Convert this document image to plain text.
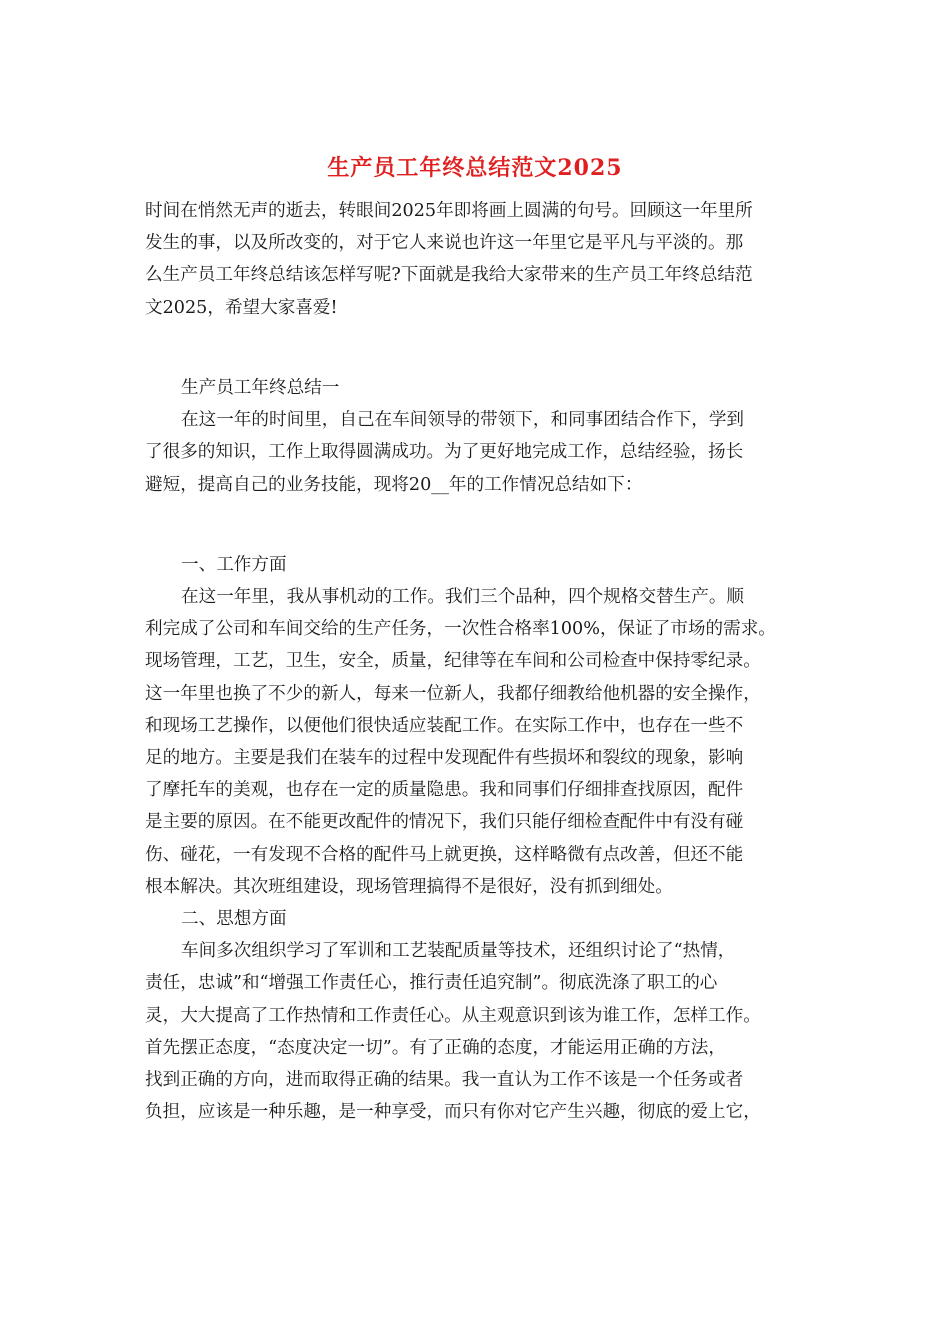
生产员工年终总结范文2025
时间在悄然无声的逝去，转眼间2025年即将画上圆满的句号。回顾这一年里所
发生的事，以及所改变的，对于它人来说也许这一年里它是平凡与平淡的。那
么生产员工年终总结该怎样写呢?下面就是我给大家带来的生产员工年终总结范
文2025，希望大家喜爱!
生产员工年终总结一
在这一年的时间里，自己在车间领导的带领下，和同事团结合作下，学到
了很多的知识，工作上取得圆满成功。为了更好地完成工作，总结经验，扬长
避短，提高自己的业务技能，现将20__年的工作情况总结如下：
一、工作方面
在这一年里，我从事机动的工作。我们三个品种，四个规格交替生产。顺
利完成了公司和车间交给的生产任务，一次性合格率100%，保证了市场的需求。
现场管理，工艺，卫生，安全，质量，纪律等在车间和公司检查中保持零纪录。
这一年里也换了不少的新人，每来一位新人，我都仔细教给他机器的安全操作，
和现场工艺操作，以便他们很快适应装配工作。在实际工作中，也存在一些不
足的地方。主要是我们在装车的过程中发现配件有些损坏和裂纹的现象，影响
了摩托车的美观，也存在一定的质量隐患。我和同事们仔细排查找原因，配件
是主要的原因。在不能更改配件的情况下，我们只能仔细检查配件中有没有碰
伤、碰花，一有发现不合格的配件马上就更换，这样略微有点改善，但还不能
根本解决。其次班组建设，现场管理搞得不是很好，没有抓到细处。
二、思想方面
车间多次组织学习了军训和工艺装配质量等技术，还组织讨论了“热情，
责任，忠诚”和“增强工作责任心，推行责任追究制”。彻底洗涤了职工的心
灵，大大提高了工作热情和工作责任心。从主观意识到该为谁工作，怎样工作。
首先摆正态度，“态度决定一切”。有了正确的态度，才能运用正确的方法，
找到正确的方向，进而取得正确的结果。我一直认为工作不该是一个任务或者
负担，应该是一种乐趣，是一种享受，而只有你对它产生兴趣，彻底的爱上它，
